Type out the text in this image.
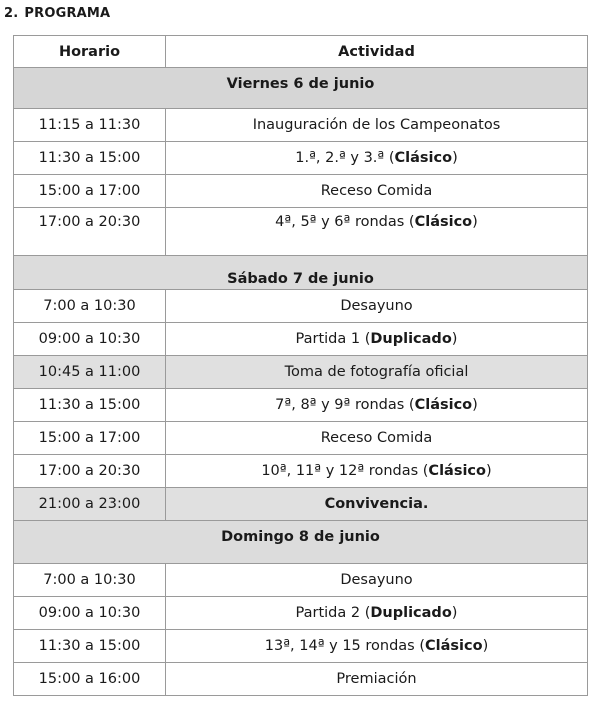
2. PROGRAMA
Horario	Actividad
Viernes 6 de junio	
11:15 a 11:30	Inauguración de los Campeonatos
11:30 a 15:00	1.ª, 2.ª y 3.ª (Clásico)
15:00 a 17:00	Receso Comida
17:00 a 20:30	4ª, 5ª y 6ª rondas (Clásico)
Sábado 7 de junio	
7:00 a 10:30	Desayuno
09:00 a 10:30	Partida 1 (Duplicado)
10:45 a 11:00	Toma de fotografía oficial
11:30 a 15:00	7ª, 8ª y 9ª rondas (Clásico)
15:00 a 17:00	Receso Comida
17:00 a 20:30	10ª, 11ª y 12ª rondas (Clásico)
21:00 a 23:00	Convivencia.
Domingo 8 de junio	
7:00 a 10:30	Desayuno
09:00 a 10:30	Partida 2 (Duplicado)
11:30 a 15:00	13ª, 14ª y 15 rondas (Clásico)
15:00 a 16:00	Premiación
